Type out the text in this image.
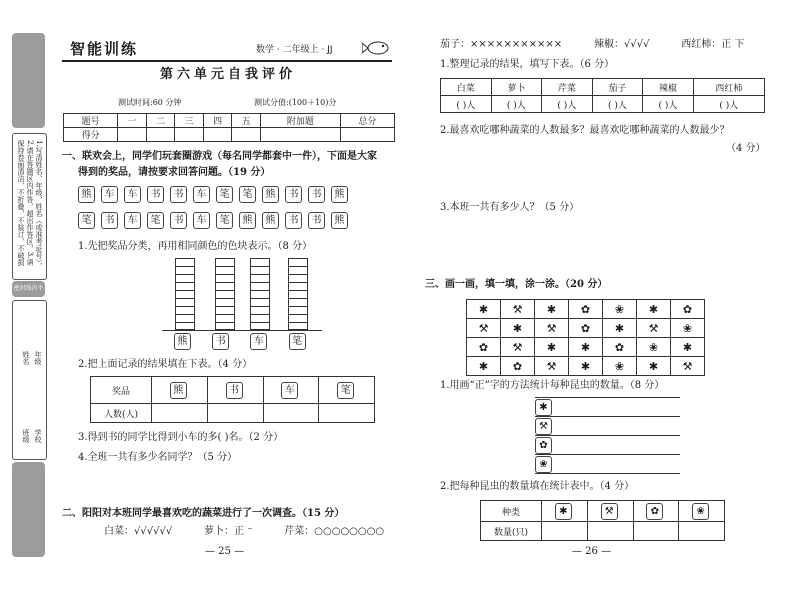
1.写清姓名、年级、姓名（或准考证号），2.请在答题区内作答，超出作答区，3.请保持卷面清洁，不折叠，不装订，不破损
密封线内不
年级
姓名
学校
班级
智能训练	数学 · 二年级上 · JJ
第六单元自我评价
测试时间:60 分钟	测试分值:(100＋10)分
题号	一	二	三	四	五	附加题	总分
得分							
一、联欢会上，同学们玩套圈游戏（每名同学都套中一件），下面是大家
得到的奖品，请按要求回答问题。（19 分）
熊 车 车 书 书 车 笔 笔 熊 书 书 熊
笔 书 车 笔 书 车 笔 熊 熊 书 书 熊
1.先把奖品分类，再用相同颜色的色块表示。（8 分）
熊	书	车	笔
2.把上面记录的结果填在下表。（4 分）
奖品	熊	书	车	笔
人数(人)				
3.得到书的同学比得到小车的多( )名。（2 分）
4.全班一共有多少名同学？（5 分）
二、阳阳对本班同学最喜欢吃的蔬菜进行了一次调查。（15 分）
白菜：√√√√√√          萝卜：正 ⁻          芹菜：○○○○○○○○
— 25 —
茄子：×××××××××××          辣椒：√√√√          西红柿：正 下
1.整理记录的结果，填写下表。（6 分）
白菜	萝卜	芹菜	茄子	辣椒	西红柿
( )人	( )人	( )人	( )人	( )人	( )人
2.最喜欢吃哪种蔬菜的人数最多？最喜欢吃哪种蔬菜的人数最少？
（4 分）
3.本班一共有多少人？（5 分）
三、画一画，填一填，涂一涂。（20 分）
✱	⚒	✱	✿	❀	✱	✿
⚒	✱	⚒	✿	✱	⚒	❀
✿	⚒	✱	✱	✿	❀	✱
✱	✿	⚒	✱	❀	✱	⚒
1.用画“正”字的方法统计每种昆虫的数量。（8 分）
✱
⚒
✿
❀
2.把每种昆虫的数量填在统计表中。（4 分）
种类	✱	⚒	✿	❀
数量(只)				
— 26 —
